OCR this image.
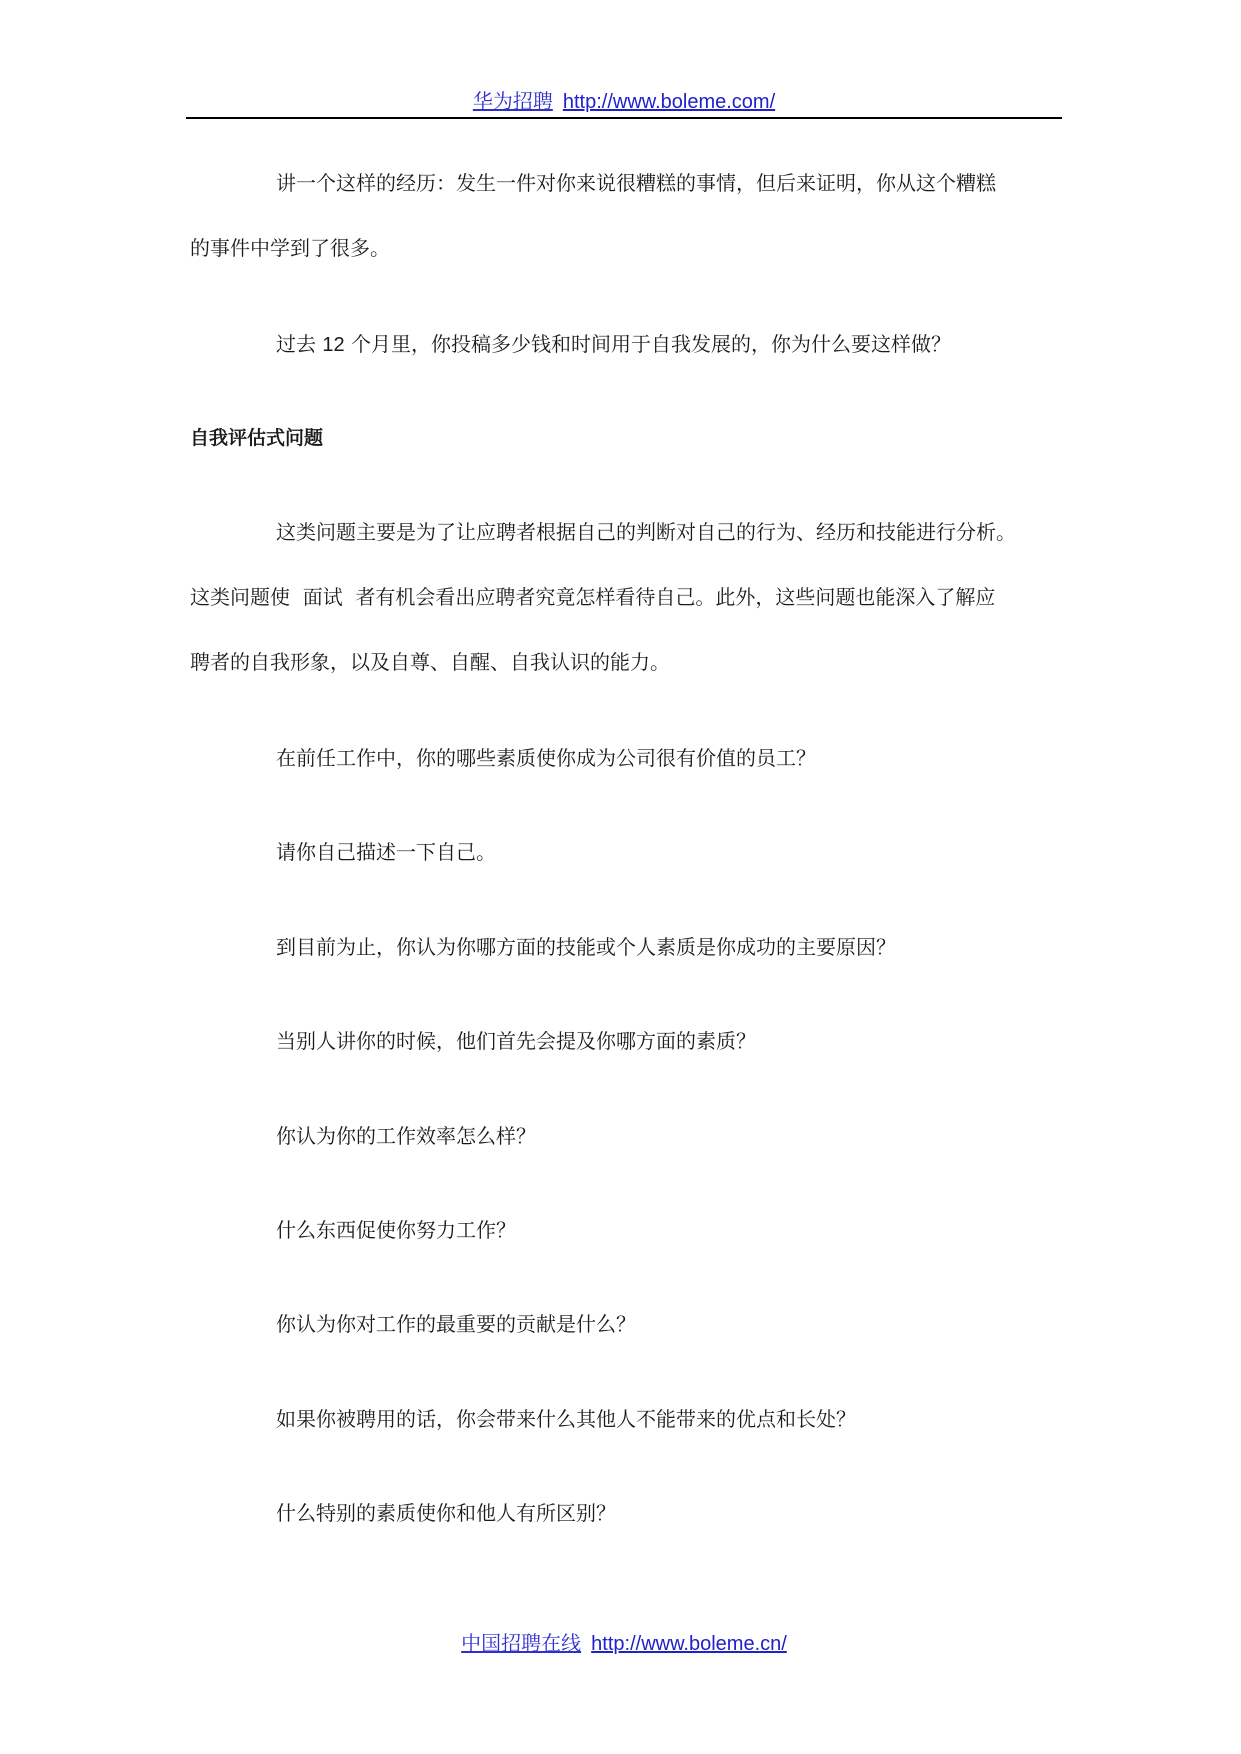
华为招聘 http://www.boleme.com/
讲一个这样的经历：发生一件对你来说很糟糕的事情，但后来证明，你从这个糟糕
的事件中学到了很多。
过去 12 个月里，你投稿多少钱和时间用于自我发展的，你为什么要这样做？
自我评估式问题
这类问题主要是为了让应聘者根据自己的判断对自己的行为、经历和技能进行分析。
这类问题使  面试  者有机会看出应聘者究竟怎样看待自己。此外，这些问题也能深入了解应
聘者的自我形象，以及自尊、自醒、自我认识的能力。
在前任工作中，你的哪些素质使你成为公司很有价值的员工？
请你自己描述一下自己。
到目前为止，你认为你哪方面的技能或个人素质是你成功的主要原因？
当别人讲你的时候，他们首先会提及你哪方面的素质？
你认为你的工作效率怎么样？
什么东西促使你努力工作？
你认为你对工作的最重要的贡献是什么？
如果你被聘用的话，你会带来什么其他人不能带来的优点和长处？
什么特别的素质使你和他人有所区别？
中国招聘在线 http://www.boleme.cn/
